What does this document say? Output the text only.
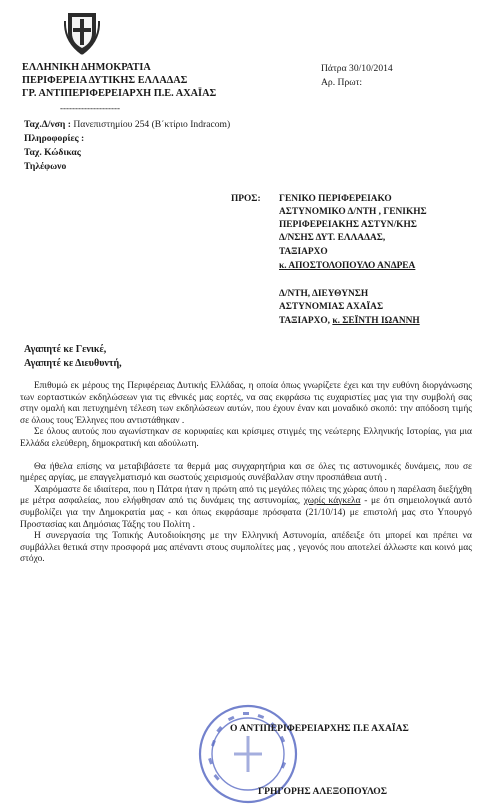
ΕΛΛΗΝΙΚΗ ΔΗΜΟΚΡΑΤΙΑ
ΠΕΡΙΦΕΡΕΙΑ ΔΥΤΙΚΗΣ ΕΛΛΑΔΑΣ
ΓΡ. ΑΝΤΙΠΕΡΙΦΕΡΕΙΑΡΧΗ Π.Ε. ΑΧΑΪΑΣ
--------------------
Πάτρα 30/10/2014
Αρ. Πρωτ:
Ταχ.Δ/νση : Πανεπιστημίου 254 (Β΄κτίριο Indracom)
Πληροφορίες :
Ταχ. Κώδικας
Τηλέφωνο
ΠΡΟΣ: ΓΕΝΙΚΟ ΠΕΡΙΦΕΡΕΙΑΚΟ
ΑΣΤΥΝΟΜΙΚΟ Δ/ΝΤΗ , ΓΕΝΙΚΗΣ
ΠΕΡΙΦΕΡΕΙΑΚΗΣ ΑΣΤΥΝ/ΚΗΣ
Δ/ΝΣΗΣ ΔΥΤ. ΕΛΛΑΔΑΣ,
ΤΑΞΙΑΡΧΟ
κ. ΑΠΟΣΤΟΛΟΠΟΥΛΟ ΑΝΔΡΕΑ
Δ/ΝΤΗ, ΔΙΕΥΘΥΝΣΗ
ΑΣΤΥΝΟΜΙΑΣ ΑΧΑΪΑΣ
ΤΑΞΙΑΡΧΟ, κ. ΣΕΪΝΤΗ ΙΩΑΝΝΗ
Αγαπητέ κε Γενικέ,
Αγαπητέ κε Διευθυντή,

Επιθυμώ εκ μέρους της Περιφέρειας Δυτικής Ελλάδας, η οποία όπως γνωρίζετε έχει και την ευθύνη διοργάνωσης των εορταστικών εκδηλώσεων για τις εθνικές μας εορτές, να σας εκφράσω τις ευχαριστίες μας για την συμβολή σας στην ομαλή και πετυχημένη τέλεση των εκδηλώσεων αυτών, που έχουν έναν και μοναδικό σκοπό: την απόδοση τιμής σε όλους τους Έλληνες που αντιστάθηκαν .

Σε όλους αυτούς που αγωνίστηκαν σε κορυφαίες και κρίσιμες στιγμές της νεώτερης Ελληνικής Ιστορίας, για μια Ελλάδα ελεύθερη, δημοκρατική και αδούλωτη.

Θα ήθελα επίσης να μεταβιβάσετε τα θερμά μας συγχαρητήρια και σε όλες τις αστυνομικές δυνάμεις, που σε ημέρες αργίας, με επαγγελματισμό και σωστούς χειρισμούς συνέβαλλαν στην προσπάθεια αυτή .

Χαιρόμαστε δε ιδιαίτερα, που η Πάτρα ήταν η πρώτη από τις μεγάλες πόλεις της χώρας όπου η παρέλαση διεξήχθη με μέτρα ασφαλείας, που ελήφθησαν από τις δυνάμεις της αστυνομίας, χωρίς κάγκελα - με ότι σημειολογικά αυτό συμβολίζει για την Δημοκρατία μας - και όπως εκφράσαμε πρόσφατα (21/10/14) με επιστολή μας στο Υπουργό Προστασίας και Δημόσιας Τάξης του Πολίτη .

Η συνεργασία της Τοπικής Αυτοδιοίκησης με την Ελληνική Αστυνομία, απέδειξε ότι μπορεί και πρέπει να συμβάλλει θετικά στην προσφορά μας απέναντι στους συμπολίτες μας , γεγονός που αποτελεί άλλωστε και κοινό μας στόχο.

Ο ΑΝΤΙΠΕΡΙΦΕΡΕΙΑΡΧΗΣ Π.Ε ΑΧΑΪΑΣ
ΓΡΗΓΟΡΗΣ ΑΛΕΞΟΠΟΥΛΟΣ
